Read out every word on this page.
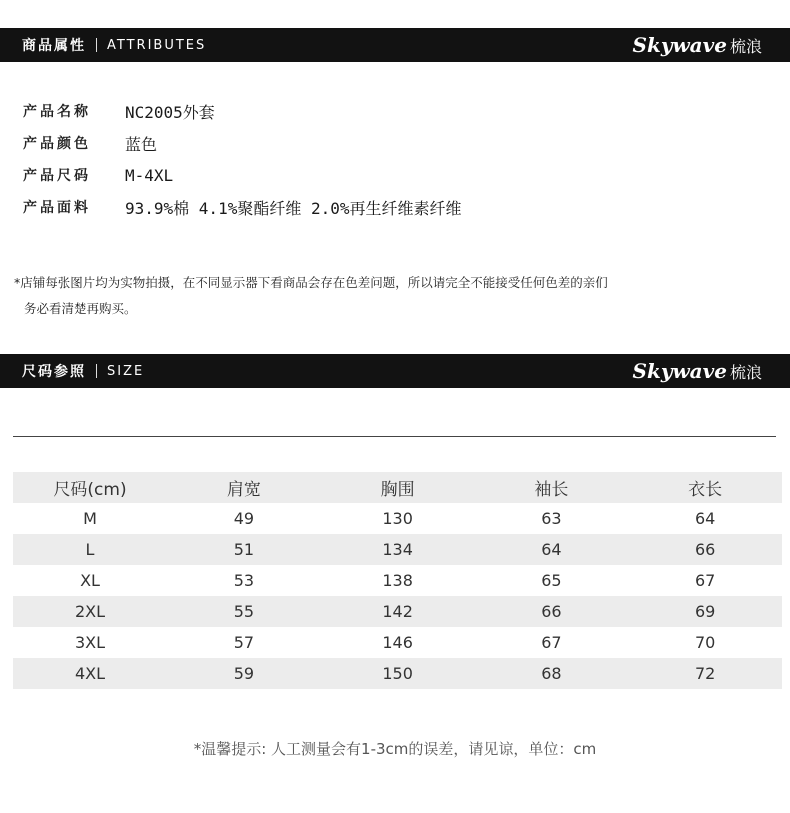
商品属性 ATTRIBUTES	Skywave 梳浪
产品名称	NC2005外套
产品颜色	蓝色
产品尺码	M-4XL
产品面料	93.9%棉 4.1%聚酯纤维 2.0%再生纤维素纤维
*店铺每张图片均为实物拍摄，在不同显示器下看商品会存在色差问题，所以请完全不能接受任何色差的亲们
务必看清楚再购买。
尺码参照 SIZE	Skywave 梳浪
尺码(cm)	肩宽	胸围	袖长	衣长
M	49	130	63	64
L	51	134	64	66
XL	53	138	65	67
2XL	55	142	66	69
3XL	57	146	67	70
4XL	59	150	68	72
*温馨提示: 人工测量会有1-3cm的误差，请见谅，单位：cm
